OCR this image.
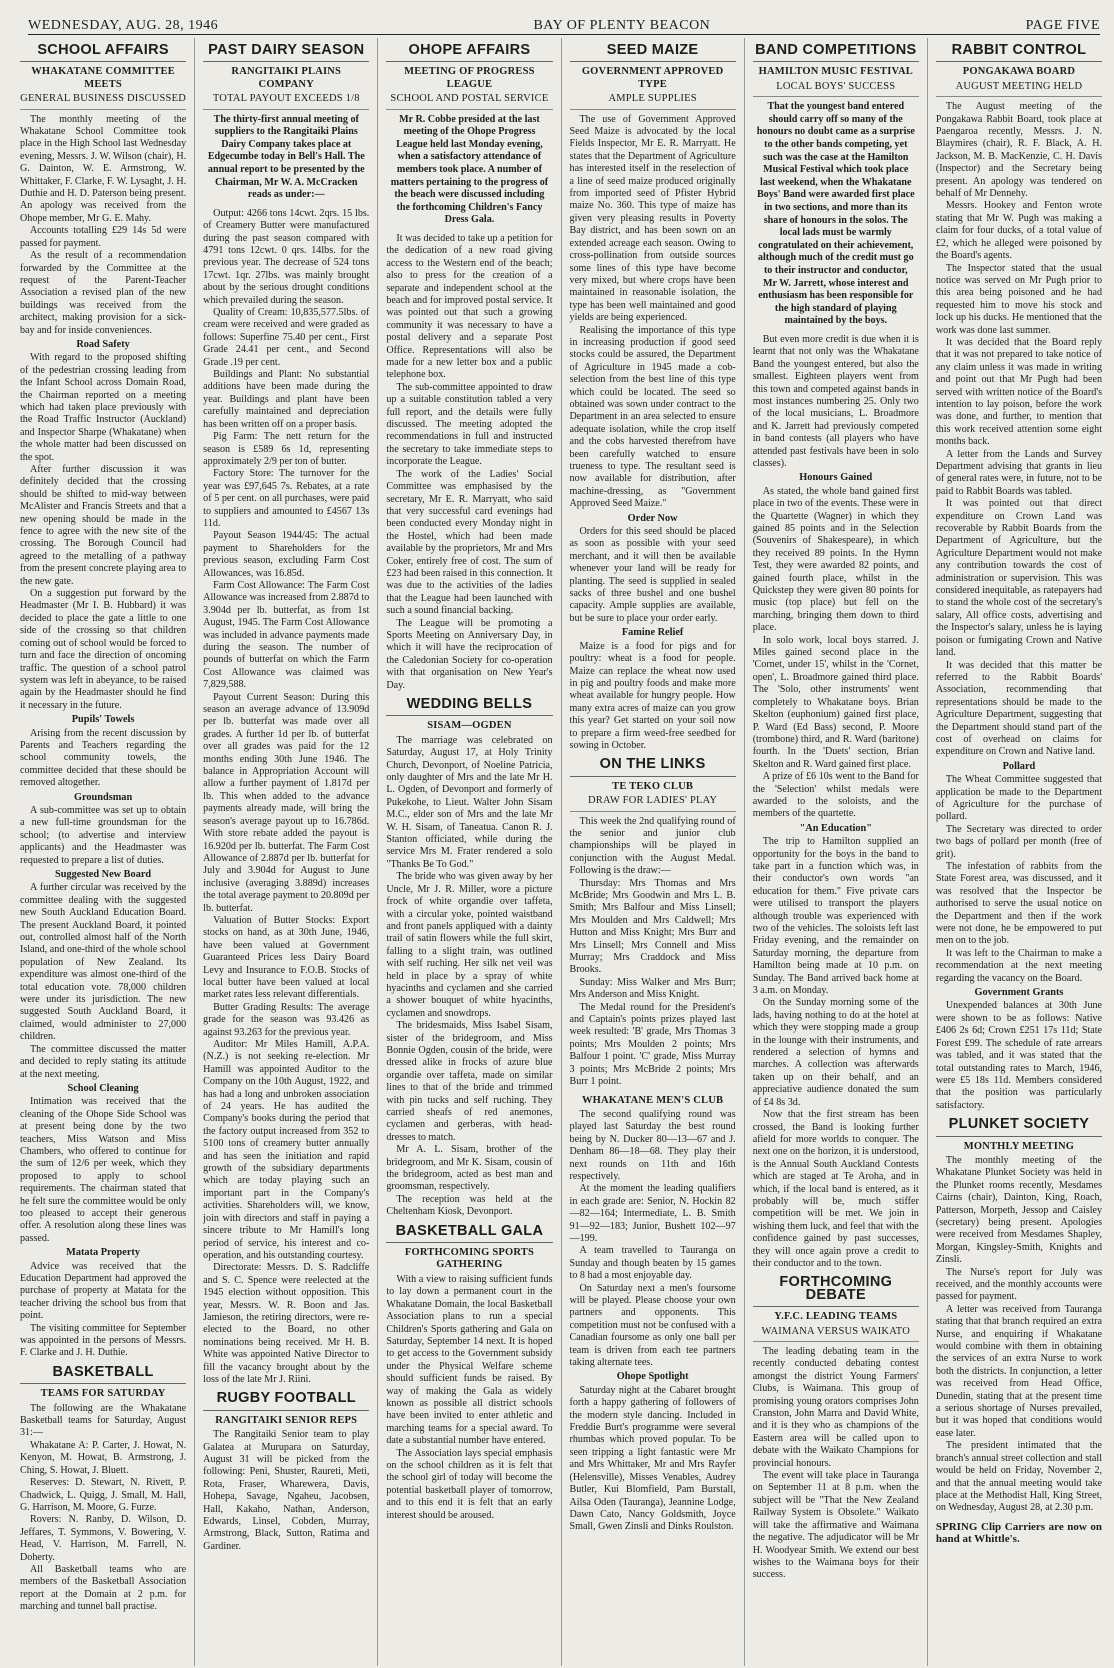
WEDNESDAY, AUG. 28, 1946	BAY OF PLENTY BEACON	PAGE FIVE
SCHOOL AFFAIRS
WHAKATANE COMMITTEE MEETS
GENERAL BUSINESS DISCUSSED

The monthly meeting of the Whakatane School Committee took place in the High School last Wednesday evening, Messrs. J. W. Wilson (chair), H. G. Dainton, W. E. Armstrong, W. Whittaker, F. Clarke, F. W. Lysaght, J. H. Duthie and H. D. Paterson being present. An apology was received from the Ohope member, Mr G. E. Mahy.

Accounts totalling £29 14s 5d were passed for payment.

As the result of a recommendation forwarded by the Committee at the request of the Parent-Teacher Association a revised plan of the new buildings was received from the architect, making provision for a sick-bay and for inside conveniences.

Road Safety

With regard to the proposed shifting of the pedestrian crossing leading from the Infant School across Domain Road, the Chairman reported on a meeting which had taken place previously with the Road Traffic Instructor (Auckland) and Inspector Sharpe (Whakatane) when the whole matter had been discussed on the spot.

After further discussion it was definitely decided that the crossing should be shifted to mid-way between McAlister and Francis Streets and that a new opening should be made in the fence to agree with the new site of the crossing. The Borough Council had agreed to the metalling of a pathway from the present concrete playing area to the new gate.

On a suggestion put forward by the Headmaster (Mr I. B. Hubbard) it was decided to place the gate a little to one side of the crossing so that children coming out of school would be forced to turn and face the direction of oncoming traffic. The question of a school patrol system was left in abeyance, to be raised again by the Headmaster should he find it necessary in the future.

Pupils' Towels

Arising from the recent discussion by Parents and Teachers regarding the school community towels, the committee decided that these should be removed altogether.

Groundsman

A sub-committee was set up to obtain a new full-time groundsman for the school; (to advertise and interview applicants) and the Headmaster was requested to prepare a list of duties.

Suggested New Board

A further circular was received by the committee dealing with the suggested new South Auckland Education Board. The present Auckland Board, it pointed out, controlled almost half of the North Island, and one-third of the whole school population of New Zealand. Its expenditure was almost one-third of the total education vote. 78,000 children were under its jurisdiction. The new suggested South Auckland Board, it claimed, would administer to 27,000 children.

The committee discussed the matter and decided to reply stating its attitude at the next meeting.

School Cleaning

Intimation was received that the cleaning of the Ohope Side School was at present being done by the two teachers, Miss Watson and Miss Chambers, who offered to continue for the sum of 12/6 per week, which they proposed to apply to school requirements. The chairman stated that he felt sure the committee would be only too pleased to accept their generous offer. A resolution along these lines was passed.

Matata Property

Advice was received that the Education Department had approved the purchase of property at Matata for the teacher driving the school bus from that point.

The visiting committee for September was appointed in the persons of Messrs. F. Clarke and J. H. Duthie.

BASKETBALL
TEAMS FOR SATURDAY

The following are the Whakatane Basketball teams for Saturday, August 31:—

Whakatane A: P. Carter, J. Howat, N. Kenyon, M. Howat, B. Armstrong, J. Ching, S. Howat, J. Bluett.

Reserves: D. Stewart, N. Rivett, P. Chadwick, L. Quigg, J. Small, M. Hall, G. Harrison, M. Moore, G. Furze.

Rovers: N. Ranby, D. Wilson, D. Jeffares, T. Symmons, V. Bowering, V. Head, V. Harrison, M. Farrell, N. Doherty.

All Basketball teams who are members of the Basketball Association report at the Domain at 2 p.m. for marching and tunnel ball practise.

PAST DAIRY SEASON
RANGITAIKI PLAINS COMPANY
TOTAL PAYOUT EXCEEDS 1/8
The thirty-first annual meeting of suppliers to the Rangitaiki Plains Dairy Company takes place at Edgecumbe today in Bell's Hall. The annual report to be presented by the Chairman, Mr W. A. McCracken reads as under:—

Output: 4266 tons 14cwt. 2qrs. 15 lbs. of Creamery Butter were manufactured during the past season compared with 4791 tons 12cwt. 0 qrs. 14lbs. for the previous year. The decrease of 524 tons 17cwt. 1qr. 27lbs. was mainly brought about by the serious drought conditions which prevailed during the season.

Quality of Cream: 10,835,577.5lbs. of cream were received and were graded as follows: Superfine 75.40 per cent., First Grade 24.41 per cent., and Second Grade .19 per cent.

Buildings and Plant: No substantial additions have been made during the year. Buildings and plant have been carefully maintained and depreciation has been written off on a proper basis.

Pig Farm: The nett return for the season is £589 6s 1d, representing approximately 2/9 per ton of butter.

Factory Store: The turnover for the year was £97,645 7s. Rebates, at a rate of 5 per cent. on all purchases, were paid to suppliers and amounted to £4567 13s 11d.

Payout Season 1944/45: The actual payment to Shareholders for the previous season, excluding Farm Cost Allowances, was 16.85d.

Farm Cost Allowance: The Farm Cost Allowance was increased from 2.887d to 3.904d per lb. butterfat, as from 1st August, 1945. The Farm Cost Allowance was included in advance payments made during the season. The number of pounds of butterfat on which the Farm Cost Allowance was claimed was 7,829,588.

Payout Current Season: During this season an average advance of 13.909d per lb. butterfat was made over all grades. A further 1d per lb. of butterfat over all grades was paid for the 12 months ending 30th June 1946. The balance in Appropriation Account will allow a further payment of 1.817d per lb. This when added to the advance payments already made, will bring the season's average payout up to 16.786d. With store rebate added the payout is 16.920d per lb. butterfat. The Farm Cost Allowance of 2.887d per lb. butterfat for July and 3.904d for August to June inclusive (averaging 3.889d) increases the total average payment to 20.809d per lb. butterfat.

Valuation of Butter Stocks: Export stocks on hand, as at 30th June, 1946, have been valued at Government Guaranteed Prices less Dairy Board Levy and Insurance to F.O.B. Stocks of local butter have been valued at local market rates less relevant differentials.

Butter Grading Results: The average grade for the season was 93.426 as against 93.263 for the previous year.

Auditor: Mr Miles Hamill, A.P.A. (N.Z.) is not seeking re-election. Mr Hamill was appointed Auditor to the Company on the 10th August, 1922, and has had a long and unbroken association of 24 years. He has audited the Company's books during the period that the factory output increased from 352 to 5100 tons of creamery butter annually and has seen the initiation and rapid growth of the subsidiary departments which are today playing such an important part in the Company's activities. Shareholders will, we know, join with directors and staff in paying a sincere tribute to Mr Hamill's long period of service, his interest and co-operation, and his outstanding courtesy.

Directorate: Messrs. D. S. Radcliffe and S. C. Spence were reelected at the 1945 election without opposition. This year, Messrs. W. R. Boon and Jas. Jamieson, the retiring directors, were re-elected to the Board, no other nominations being received. Mr H. B. White was appointed Native Director to fill the vacancy brought about by the loss of the late Mr J. Riini.

RUGBY FOOTBALL
RANGITAIKI SENIOR REPS

The Rangitaiki Senior team to play Galatea at Murupara on Saturday, August 31 will be picked from the following: Peni, Shuster, Raureti, Meti, Rota, Fraser, Wharewera, Davis, Hohepa, Savage, Ngaheu, Jacobsen, Hall, Kakaho, Nathan, Anderson, Edwards, Linsel, Cobden, Murray, Armstrong, Black, Sutton, Ratima and Gardiner.

OHOPE AFFAIRS
MEETING OF PROGRESS LEAGUE
SCHOOL AND POSTAL SERVICE
Mr R. Cobbe presided at the last meeting of the Ohope Progress League held last Monday evening, when a satisfactory attendance of members took place. A number of matters pertaining to the progress of the beach were discussed including the forthcoming Children's Fancy Dress Gala.

It was decided to take up a petition for the dedication of a new road giving access to the Western end of the beach; also to press for the creation of a separate and independent school at the beach and for improved postal service. It was pointed out that such a growing community it was necessary to have a postal delivery and a separate Post Office. Representations will also be made for a new letter box and a public telephone box.

The sub-committee appointed to draw up a suitable constitution tabled a very full report, and the details were fully discussed. The meeting adopted the recommendations in full and instructed the secretary to take immediate steps to incorporate the League.

The work of the Ladies' Social Committee was emphasised by the secretary, Mr E. R. Marryatt, who said that very successful card evenings had been conducted every Monday night in the Hostel, which had been made available by the proprietors, Mr and Mrs Coker, entirely free of cost. The sum of £23 had been raised in this connection. It was due to the activities of the ladies that the League had been launched with such a sound financial backing.

The League will be promoting a Sports Meeting on Anniversary Day, in which it will have the reciprocation of the Caledonian Society for co-operation with that organisation on New Year's Day.

WEDDING BELLS
SISAM—OGDEN

The marriage was celebrated on Saturday, August 17, at Holy Trinity Church, Devonport, of Noeline Patricia, only daughter of Mrs and the late Mr H. L. Ogden, of Devonport and formerly of Pukekohe, to Lieut. Walter John Sisam M.C., elder son of Mrs and the late Mr W. H. Sisam, of Taneatua. Canon R. J. Stanton officiated, while during the service Mrs M. Frater rendered a solo "Thanks Be To God."

The bride who was given away by her Uncle, Mr J. R. Miller, wore a picture frock of white organdie over taffeta, with a circular yoke, pointed waistband and front panels appliqued with a dainty trail of satin flowers while the full skirt, falling to a slight train, was outlined with self ruching. Her silk net veil was held in place by a spray of white hyacinths and cyclamen and she carried a shower bouquet of white hyacinths, cyclamen and snowdrops.

The bridesmaids, Miss Isabel Sisam, sister of the bridegroom, and Miss Bonnie Ogden, cousin of the bride, were dressed alike in frocks of azure blue organdie over taffeta, made on similar lines to that of the bride and trimmed with pin tucks and self ruching. They carried sheafs of red anemones, cyclamen and gerberas, with head-dresses to match.

Mr A. L. Sisam, brother of the bridegroom, and Mr K. Sisam, cousin of the bridegroom, acted as best man and groomsman, respectively.

The reception was held at the Cheltenham Kiosk, Devonport.

BASKETBALL GALA
FORTHCOMING SPORTS GATHERING

With a view to raising sufficient funds to lay down a permanent court in the Whakatane Domain, the local Basketball Association plans to run a special Children's Sports gathering and Gala on Saturday, September 14 next. It is hoped to get access to the Government subsidy under the Physical Welfare scheme should sufficient funds be raised. By way of making the Gala as widely known as possible all district schools have been invited to enter athletic and marching teams for a special award. To date a substantial number have entered.

The Association lays special emphasis on the school children as it is felt that the school girl of today will become the potential basketball player of tomorrow, and to this end it is felt that an early interest should be aroused.

SEED MAIZE
GOVERNMENT APPROVED TYPE
AMPLE SUPPLIES

The use of Government Approved Seed Maize is advocated by the local Fields Inspector, Mr E. R. Marryatt. He states that the Department of Agriculture has interested itself in the reselection of a line of seed maize produced originally from imported seed of Pfister Hybrid maize No. 360. This type of maize has given very pleasing results in Poverty Bay district, and has been sown on an extended acreage each season. Owing to cross-pollination from outside sources some lines of this type have become very mixed, but where crops have been maintained in reasonable isolation, the type has been well maintained and good yields are being experienced.

Realising the importance of this type in increasing production if good seed stocks could be assured, the Department of Agriculture in 1945 made a cob-selection from the best line of this type which could be located. The seed so obtained was sown under contract to the Department in an area selected to ensure adequate isolation, while the crop itself and the cobs harvested therefrom have been carefully watched to ensure trueness to type. The resultant seed is now available for distribution, after machine-dressing, as "Government Approved Seed Maize."

Order Now

Orders for this seed should be placed as soon as possible with your seed merchant, and it will then be available whenever your land will be ready for planting. The seed is supplied in sealed sacks of three bushel and one bushel capacity. Ample supplies are available, but be sure to place your order early.

Famine Relief

Maize is a food for pigs and for poultry: wheat is a food for people. Maize can replace the wheat now used in pig and poultry foods and make more wheat available for hungry people. How many extra acres of maize can you grow this year? Get started on your soil now to prepare a firm weed-free seedbed for sowing in October.

ON THE LINKS
TE TEKO CLUB
DRAW FOR LADIES' PLAY

This week the 2nd qualifying round of the senior and junior club championships will be played in conjunction with the August Medal. Following is the draw:—

Thursday: Mrs Thomas and Mrs McBride; Mrs Goodwin and Mrs L. B. Smith; Mrs Balfour and Miss Linsell; Mrs Moulden and Mrs Caldwell; Mrs Hutton and Miss Knight; Mrs Burr and Mrs Linsell; Mrs Connell and Miss Murray; Mrs Craddock and Miss Brooks.

Sunday: Miss Walker and Mrs Burr; Mrs Anderson and Miss Knight.

The Medal round for the President's and Captain's points prizes played last week resulted: 'B' grade, Mrs Thomas 3 points; Mrs Moulden 2 points; Mrs Balfour 1 point. 'C' grade, Miss Murray 3 points; Mrs McBride 2 points; Mrs Burr 1 point.

WHAKATANE MEN'S CLUB

The second qualifying round was played last Saturday the best round being by N. Ducker 80—13—67 and J. Denham 86—18—68. They play their next rounds on 11th and 16th respectively.

At the moment the leading qualifiers in each grade are: Senior, N. Hockin 82—82—164; Intermediate, L. B. Smith 91—92—183; Junior, Bushett 102—97—199.

A team travelled to Tauranga on Sunday and though beaten by 15 games to 8 had a most enjoyable day.

On Saturday next a men's foursome will be played. Please choose your own partners and opponents. This competition must not be confused with a Canadian foursome as only one ball per team is driven from each tee partners taking alternate tees.

Ohope Spotlight

Saturday night at the Cabaret brought forth a happy gathering of followers of the modern style dancing. Included in Freddie Burt's programme were several rhumbas which proved popular. To be seen tripping a light fantastic were Mr and Mrs Whittaker, Mr and Mrs Rayfer (Helensville), Misses Venables, Audrey Butler, Kui Blomfield, Pam Burstall, Ailsa Oden (Tauranga), Jeannine Lodge, Dawn Cato, Nancy Goldsmith, Joyce Small, Gwen Zinsli and Dinks Roulston.

BAND COMPETITIONS
HAMILTON MUSIC FESTIVAL
LOCAL BOYS' SUCCESS
That the youngest band entered should carry off so many of the honours no doubt came as a surprise to the other bands competing, yet such was the case at the Hamilton Musical Festival which took place last weekend, when the Whakatane Boys' Band were awarded first place in two sections, and more than its share of honours in the solos. The local lads must be warmly congratulated on their achievement, although much of the credit must go to their instructor and conductor, Mr W. Jarrett, whose interest and enthusiasm has been responsible for the high standard of playing maintained by the boys.

But even more credit is due when it is learnt that not only was the Whakatane Band the youngest entered, but also the smallest. Eighteen players went from this town and competed against bands in most instances numbering 25. Only two of the local musicians, L. Broadmore and K. Jarrett had previously competed in band contests (all players who have attended past festivals have been in solo classes).

Honours Gained

As stated, the whole band gained first place in two of the events. These were in the Quartette (Wagner) in which they gained 85 points and in the Selection (Souvenirs of Shakespeare), in which they received 89 points. In the Hymn Test, they were awarded 82 points, and gained fourth place, whilst in the Quickstep they were given 80 points for music (top place) but fell on the marching, bringing them down to third place.

In solo work, local boys starred. J. Miles gained second place in the 'Cornet, under 15', whilst in the 'Cornet, open', L. Broadmore gained third place. The 'Solo, other instruments' went completely to Whakatane boys. Brian Skelton (euphonium) gained first place, P. Ward (Ed Bass) second, P. Moore (trombone) third, and R. Ward (baritone) fourth. In the 'Duets' section, Brian Skelton and R. Ward gained first place.

A prize of £6 10s went to the Band for the 'Selection' whilst medals were awarded to the soloists, and the members of the quartette.

"An Education"

The trip to Hamilton supplied an opportunity for the boys in the band to take part in a function which was, in their conductor's own words "an education for them." Five private cars were utilised to transport the players although trouble was experienced with two of the vehicles. The soloists left last Friday evening, and the remainder on Saturday morning, the departure from Hamilton being made at 10 p.m. on Sunday. The Band arrived back home at 3 a.m. on Monday.

On the Sunday morning some of the lads, having nothing to do at the hotel at which they were stopping made a group in the lounge with their instruments, and rendered a selection of hymns and marches. A collection was afterwards taken up on their behalf, and an appreciative audience donated the sum of £4 8s 3d.

Now that the first stream has been crossed, the Band is looking further afield for more worlds to conquer. The next one on the horizon, it is understood, is the Annual South Auckland Contests which are staged at Te Aroha, and in which, if the local band is entered, as it probably will be, much stiffer competition will be met. We join in wishing them luck, and feel that with the confidence gained by past successes, they will once again prove a credit to their conductor and to the town.

FORTHCOMING DEBATE
Y.F.C. LEADING TEAMS
WAIMANA VERSUS WAIKATO

The leading debating team in the recently conducted debating contest amongst the district Young Farmers' Clubs, is Waimana. This group of promising young orators comprises John Cranston, John Marra and David White, and it is they who as champions of the Eastern area will be called upon to debate with the Waikato Champions for provincial honours.

The event will take place in Tauranga on September 11 at 8 p.m. when the subject will be "That the New Zealand Railway System is Obsolete." Waikato will take the affirmative and Waimana the negative. The adjudicator will be Mr H. Woodyear Smith. We extend our best wishes to the Waimana boys for their success.

RABBIT CONTROL
PONGAKAWA BOARD
AUGUST MEETING HELD

The August meeting of the Pongakawa Rabbit Board, took place at Paengaroa recently, Messrs. J. N. Blaymires (chair), R. F. Black, A. H. Jackson, M. B. MacKenzie, C. H. Davis (Inspector) and the Secretary being present. An apology was tendered on behalf of Mr Dennehy.

Messrs. Hookey and Fenton wrote stating that Mr W. Pugh was making a claim for four ducks, of a total value of £2, which he alleged were poisoned by the Board's agents.

The Inspector stated that the usual notice was served on Mr Pugh prior to this area being poisoned and he had requested him to move his stock and lock up his ducks. He mentioned that the work was done last summer.

It was decided that the Board reply that it was not prepared to take notice of any claim unless it was made in writing and point out that Mr Pugh had been served with written notice of the Board's intention to lay poison, before the work was done, and further, to mention that this work received attention some eight months back.

A letter from the Lands and Survey Department advising that grants in lieu of general rates were, in future, not to be paid to Rabbit Boards was tabled.

It was pointed out that direct expenditure on Crown Land was recoverable by Rabbit Boards from the Department of Agriculture, but the Agriculture Department would not make any contribution towards the cost of administration or supervision. This was considered inequitable, as ratepayers had to stand the whole cost of the secretary's salary, All office costs, advertising and the Inspector's salary, unless he is laying poison or fumigating Crown and Native land.

It was decided that this matter be referred to the Rabbit Boards' Association, recommending that representations should be made to the Agriculture Department, suggesting that the Department should stand part of the cost of overhead on claims for expenditure on Crown and Native land.

Pollard

The Wheat Committee suggested that application be made to the Department of Agriculture for the purchase of pollard.

The Secretary was directed to order two bags of pollard per month (free of grit).

The infestation of rabbits from the State Forest area, was discussed, and it was resolved that the Inspector be authorised to serve the usual notice on the Department and then if the work were not done, he be empowered to put men on to the job.

It was left to the Chairman to make a recommendation at the next meeting regarding the vacancy on the Board.

Government Grants

Unexpended balances at 30th June were shown to be as follows: Native £406 2s 6d; Crown £251 17s 11d; State Forest £99. The schedule of rate arrears was tabled, and it was stated that the total outstanding rates to March, 1946, were £5 18s 11d. Members considered that the position was particularly satisfactory.

PLUNKET SOCIETY
MONTHLY MEETING

The monthly meeting of the Whakatane Plunket Society was held in the Plunket rooms recently, Mesdames Cairns (chair), Dainton, King, Roach, Patterson, Morpeth, Jessop and Caisley (secretary) being present. Apologies were received from Mesdames Shapley, Morgan, Kingsley-Smith, Knights and Zinsli.

The Nurse's report for July was received, and the monthly accounts were passed for payment.

A letter was received from Tauranga stating that that branch required an extra Nurse, and enquiring if Whakatane would combine with them in obtaining the services of an extra Nurse to work both the districts. In conjunction, a letter was received from Head Office, Dunedin, stating that at the present time a serious shortage of Nurses prevailed, but it was hoped that conditions would ease later.

The president intimated that the branch's annual street collection and stall would be held on Friday, November 2, and that the annual meeting would take place at the Methodist Hall, King Street, on Wednesday, August 28, at 2.30 p.m.

SPRING Clip Carriers are now on hand at Whittle's.
